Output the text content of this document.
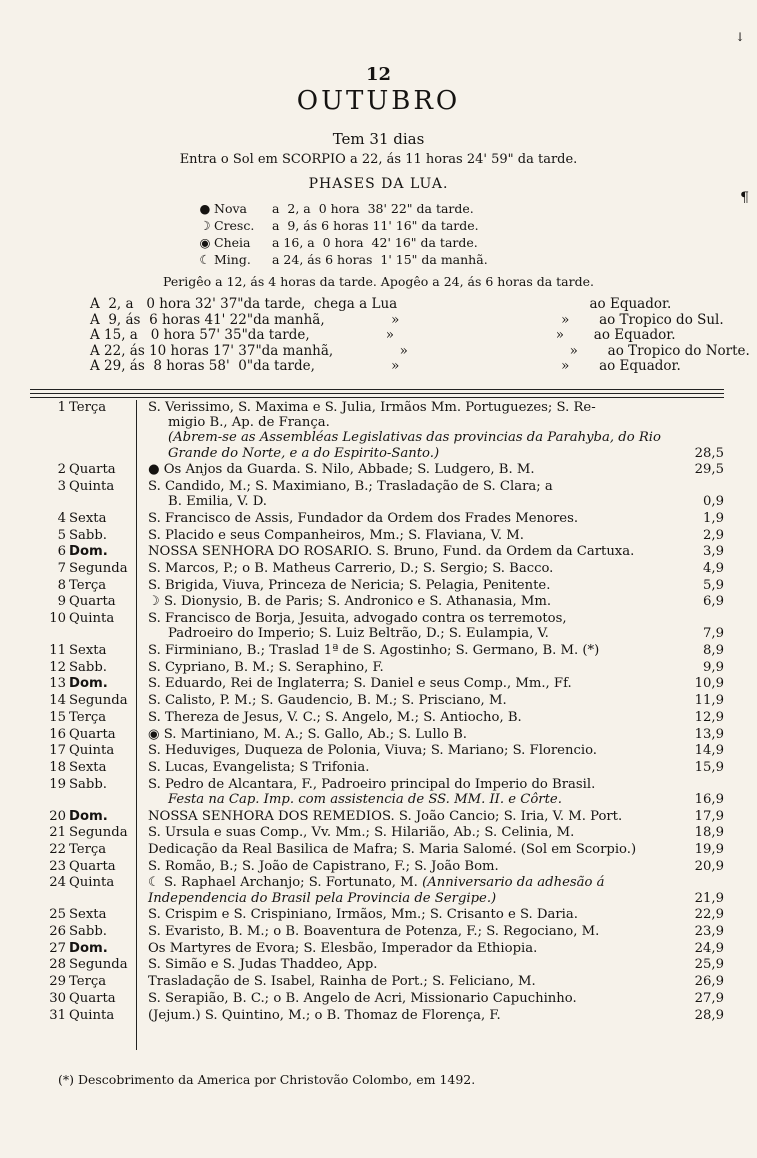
12
OUTUBRO
Tem 31 dias
Entra o Sol em SCORPIO a 22, ás 11 horas 24' 59" da tarde.
PHASES DA LUA.
● Nova a  2, a  0 hora  38' 22" da tarde.
☽ Cresc. a  9, ás 6 horas 11' 16" da tarde.
◉ Cheia a 16, a  0 hora  42' 16" da tarde.
☾ Ming. a 24, ás 6 horas  1' 15" da manhã.
Perigêo a 12, ás 4 horas da tarde. Apogêo a 24, ás 6 horas da tarde.
A  2, a   0 hora 32' 37" da tarde,  chega a Lua	ao Equador.
A  9, ás  6 horas 41' 22" da manhã,	»	»	ao Tropico do Sul.
A 15, a   0 hora 57' 35" da tarde,	»	»	ao Equador.
A 22, ás 10 horas 17' 37" da manhã,	»	»	ao Tropico do Norte.
A 29, ás  8 horas 58'  0" da tarde,	»	»	ao Equador.
1 Terça	S. Verissimo, S. Maxima e S. Julia, Irmãos Mm. Portuguezes; S. Re-
migio B., Ap. de França.
(Abrem-se as Assembléas Legislativas das provincias da Parahyba, do Rio Grande do Norte, e a do Espirito-Santo.)	28,5
2 Quarta	● Os Anjos da Guarda. S. Nilo, Abbade; S. Ludgero, B. M.	29,5
3 Quinta	S. Candido, M.; S. Maximiano, B.; Trasladação de S. Clara; a
B. Emilia, V. D.	0,9
4 Sexta	S. Francisco de Assis, Fundador da Ordem dos Frades Menores.	1,9
5 Sabb.	S. Placido e seus Companheiros, Mm.; S. Flaviana, V. M.	2,9
6 Dom.	NOSSA SENHORA DO ROSARIO. S. Bruno, Fund. da Ordem da Cartuxa.	3,9
7 Segunda	S. Marcos, P.; o B. Matheus Carrerio, D.; S. Sergio; S. Bacco.	4,9
8 Terça	S. Brigida, Viuva, Princeza de Nericia; S. Pelagia, Penitente.	5,9
9 Quarta	☽ S. Dionysio, B. de Paris; S. Andronico e S. Athanasia, Mm.	6,9
10 Quinta	S. Francisco de Borja, Jesuita, advogado contra os terremotos,
Padroeiro do Imperio; S. Luiz Beltrão, D.; S. Eulampia, V.	7,9
11 Sexta	S. Firminiano, B.; Traslad 1ª de S. Agostinho; S. Germano, B. M. (*)	8,9
12 Sabb.	S. Cypriano, B. M.; S. Seraphino, F.	9,9
13 Dom.	S. Eduardo, Rei de Inglaterra; S. Daniel e seus Comp., Mm., Ff.	10,9
14 Segunda	S. Calisto, P. M.; S. Gaudencio, B. M.; S. Prisciano, M.	11,9
15 Terça	S. Thereza de Jesus, V. C.; S. Angelo, M.; S. Antiocho, B.	12,9
16 Quarta	◉ S. Martiniano, M. A.; S. Gallo, Ab.; S. Lullo B.	13,9
17 Quinta	S. Heduviges, Duqueza de Polonia, Viuva; S. Mariano; S. Florencio.	14,9
18 Sexta	S. Lucas, Evangelista; S Trifonia.	15,9
19 Sabb.	S. Pedro de Alcantara, F., Padroeiro principal do Imperio do Brasil.
Festa na Cap. Imp. com assistencia de SS. MM. II. e Côrte.	16,9
20 Dom.	NOSSA SENHORA DOS REMEDIOS. S. João Cancio; S. Iria, V. M. Port.	17,9
21 Segunda	S. Ursula e suas Comp., Vv. Mm.; S. Hilarião, Ab.; S. Celinia, M.	18,9
22 Terça	Dedicação da Real Basilica de Mafra; S. Maria Salomé. (Sol em Scorpio.)	19,9
23 Quarta	S. Romão, B.; S. João de Capistrano, F.; S. João Bom.	20,9
24 Quinta	☾ S. Raphael Archanjo; S. Fortunato, M. (Anniversario da adhesão á Independencia do Brasil pela Provincia de Sergipe.)	21,9
25 Sexta	S. Crispim e S. Crispiniano, Irmãos, Mm.; S. Crisanto e S. Daria.	22,9
26 Sabb.	S. Evaristo, B. M.; o B. Boaventura de Potenza, F.; S. Regociano, M.	23,9
27 Dom.	Os Martyres de Evora; S. Elesbão, Imperador da Ethiopia.	24,9
28 Segunda	S. Simão e S. Judas Thaddeo, App.	25,9
29 Terça	Trasladação de S. Isabel, Rainha de Port.; S. Feliciano, M.	26,9
30 Quarta	S. Serapião, B. C.; o B. Angelo de Acri, Missionario Capuchinho.	27,9
31 Quinta	(Jejum.) S. Quintino, M.; o B. Thomaz de Florença, F.	28,9
(*) Descobrimento da America por Christovão Colombo, em 1492.
↓
¶
